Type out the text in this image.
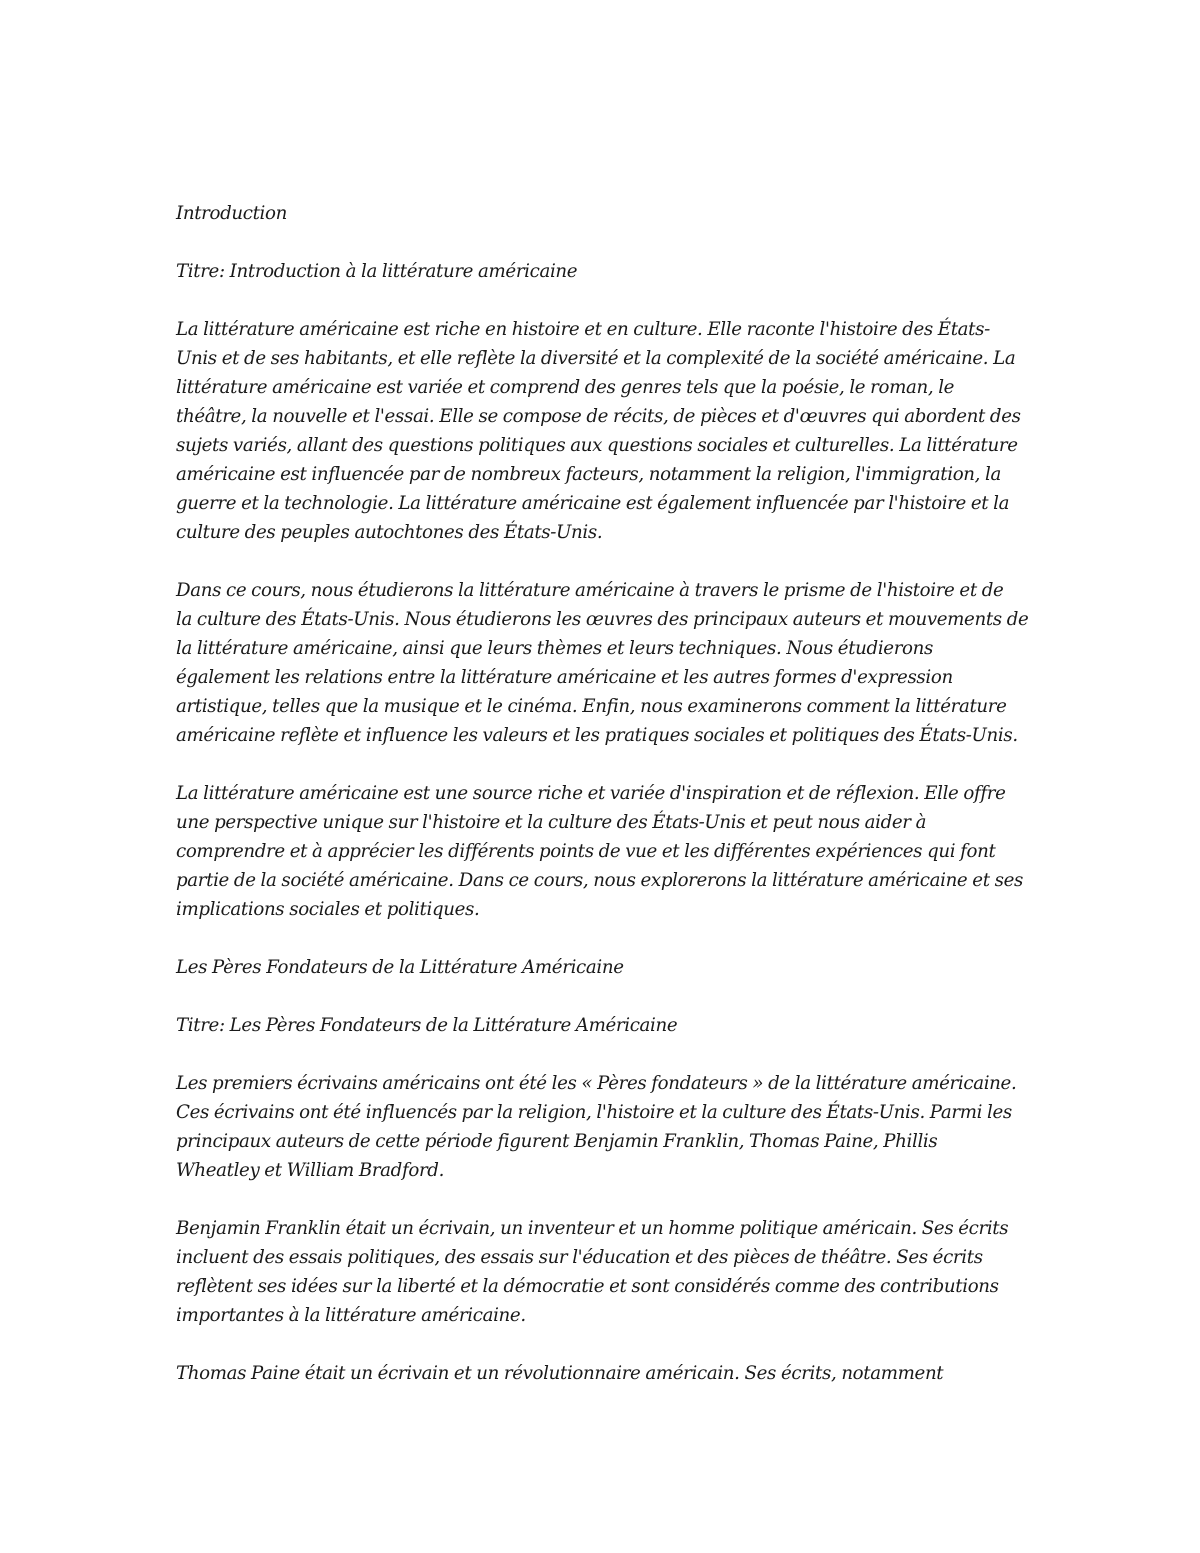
Introduction

Titre: Introduction à la littérature américaine

La littérature américaine est riche en histoire et en culture. Elle raconte l'histoire des États-
Unis et de ses habitants, et elle reflète la diversité et la complexité de la société américaine. La
littérature américaine est variée et comprend des genres tels que la poésie, le roman, le
théâtre, la nouvelle et l'essai. Elle se compose de récits, de pièces et d'œuvres qui abordent des
sujets variés, allant des questions politiques aux questions sociales et culturelles. La littérature
américaine est influencée par de nombreux facteurs, notamment la religion, l'immigration, la
guerre et la technologie. La littérature américaine est également influencée par l'histoire et la
culture des peuples autochtones des États-Unis.

Dans ce cours, nous étudierons la littérature américaine à travers le prisme de l'histoire et de
la culture des États-Unis. Nous étudierons les œuvres des principaux auteurs et mouvements de
la littérature américaine, ainsi que leurs thèmes et leurs techniques. Nous étudierons
également les relations entre la littérature américaine et les autres formes d'expression
artistique, telles que la musique et le cinéma. Enfin, nous examinerons comment la littérature
américaine reflète et influence les valeurs et les pratiques sociales et politiques des États-Unis.

La littérature américaine est une source riche et variée d'inspiration et de réflexion. Elle offre
une perspective unique sur l'histoire et la culture des États-Unis et peut nous aider à
comprendre et à apprécier les différents points de vue et les différentes expériences qui font
partie de la société américaine. Dans ce cours, nous explorerons la littérature américaine et ses
implications sociales et politiques.

Les Pères Fondateurs de la Littérature Américaine

Titre: Les Pères Fondateurs de la Littérature Américaine

Les premiers écrivains américains ont été les « Pères fondateurs » de la littérature américaine.
Ces écrivains ont été influencés par la religion, l'histoire et la culture des États-Unis. Parmi les
principaux auteurs de cette période figurent Benjamin Franklin, Thomas Paine, Phillis
Wheatley et William Bradford.

Benjamin Franklin était un écrivain, un inventeur et un homme politique américain. Ses écrits
incluent des essais politiques, des essais sur l'éducation et des pièces de théâtre. Ses écrits
reflètent ses idées sur la liberté et la démocratie et sont considérés comme des contributions
importantes à la littérature américaine.

Thomas Paine était un écrivain et un révolutionnaire américain. Ses écrits, notamment
